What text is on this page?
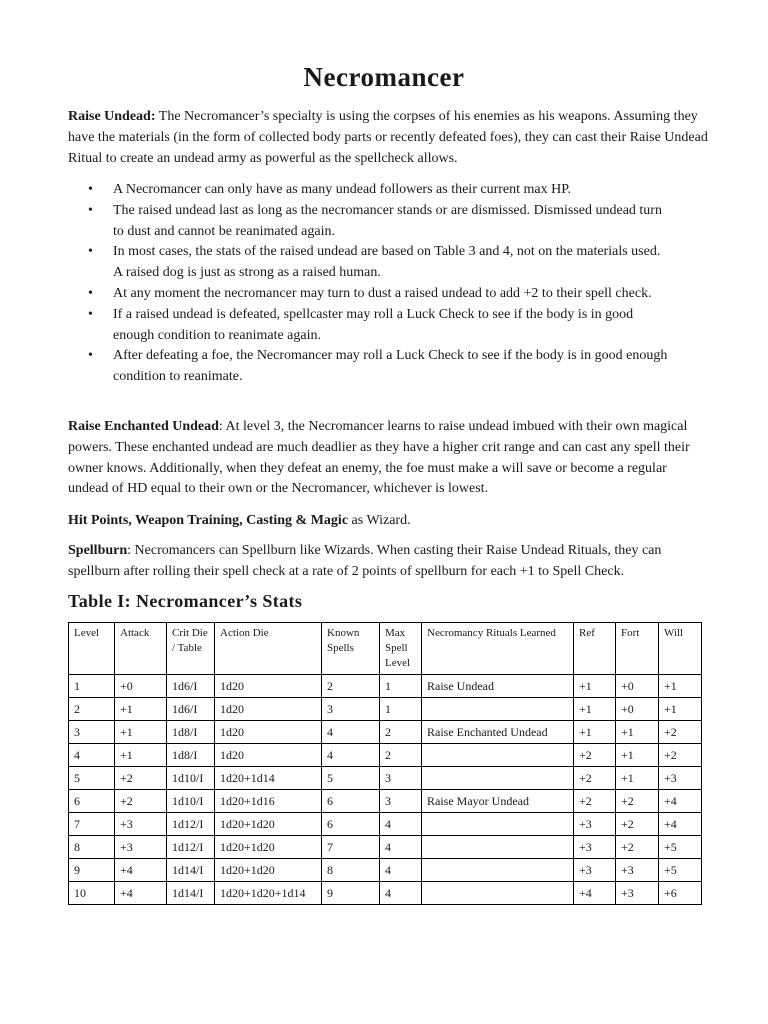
Necromancer

Raise Undead: The Necromancer’s specialty is using the corpses of his enemies as his weapons. Assuming they have the materials (in the form of collected body parts or recently defeated foes), they can cast their Raise Undead Ritual to create an undead army as powerful as the spellcheck allows.

• A Necromancer can only have as many undead followers as their current max HP.
• The raised undead last as long as the necromancer stands or are dismissed. Dismissed undead turn to dust and cannot be reanimated again.
• In most cases, the stats of the raised undead are based on Table 3 and 4, not on the materials used. A raised dog is just as strong as a raised human.
• At any moment the necromancer may turn to dust a raised undead to add +2 to their spell check.
• If a raised undead is defeated, spellcaster may roll a Luck Check to see if the body is in good enough condition to reanimate again.
• After defeating a foe, the Necromancer may roll a Luck Check to see if the body is in good enough condition to reanimate.

Raise Enchanted Undead: At level 3, the Necromancer learns to raise undead imbued with their own magical powers. These enchanted undead are much deadlier as they have a higher crit range and can cast any spell their owner knows. Additionally, when they defeat an enemy, the foe must make a will save or become a regular undead of HD equal to their own or the Necromancer, whichever is lowest.

Hit Points, Weapon Training, Casting & Magic as Wizard.

Spellburn: Necromancers can Spellburn like Wizards. When casting their Raise Undead Rituals, they can spellburn after rolling their spell check at a rate of 2 points of spellburn for each +1 to Spell Check.

Table I: Necromancer’s Stats
Level	Attack	Crit Die / Table	Action Die	Known Spells	Max Spell Level	Necromancy Rituals Learned	Ref	Fort	Will
1	+0	1d6/I	1d20	2	1	Raise Undead	+1	+0	+1
2	+1	1d6/I	1d20	3	1		+1	+0	+1
3	+1	1d8/I	1d20	4	2	Raise Enchanted Undead	+1	+1	+2
4	+1	1d8/I	1d20	4	2		+2	+1	+2
5	+2	1d10/I	1d20+1d14	5	3		+2	+1	+3
6	+2	1d10/I	1d20+1d16	6	3	Raise Mayor Undead	+2	+2	+4
7	+3	1d12/I	1d20+1d20	6	4		+3	+2	+4
8	+3	1d12/I	1d20+1d20	7	4		+3	+2	+5
9	+4	1d14/I	1d20+1d20	8	4		+3	+3	+5
10	+4	1d14/I	1d20+1d20+1d14	9	4		+4	+3	+6
